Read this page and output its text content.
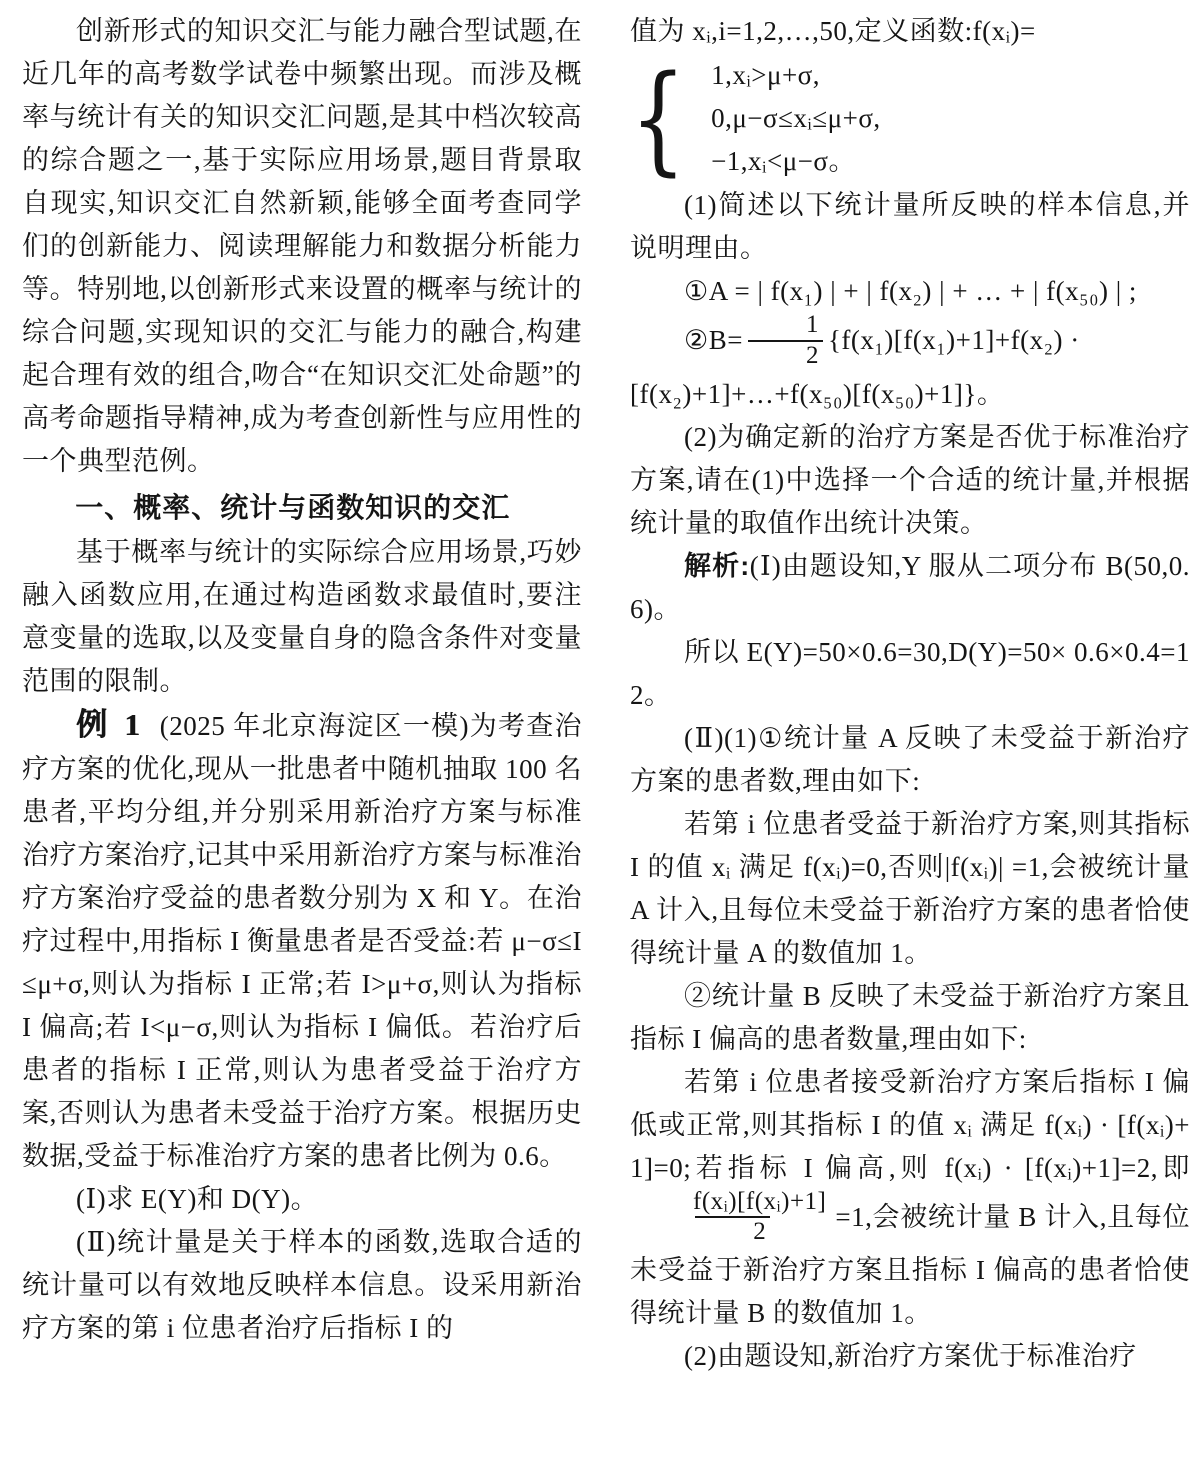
创新形式的知识交汇与能力融合型试题,在近几年的高考数学试卷中频繁出现。而涉及概率与统计有关的知识交汇问题,是其中档次较高的综合题之一,基于实际应用场景,题目背景取自现实,知识交汇自然新颖,能够全面考查同学们的创新能力、阅读理解能力和数据分析能力等。特别地,以创新形式来设置的概率与统计的综合问题,实现知识的交汇与能力的融合,构建起合理有效的组合,吻合“在知识交汇处命题”的高考命题指导精神,成为考查创新性与应用性的一个典型范例。

一、概率、统计与函数知识的交汇

基于概率与统计的实际综合应用场景,巧妙融入函数应用,在通过构造函数求最值时,要注意变量的选取,以及变量自身的隐含条件对变量范围的限制。

例 1 (2025 年北京海淀区一模)为考查治疗方案的优化,现从一批患者中随机抽取 100 名患者,平均分组,并分别采用新治疗方案与标准治疗方案治疗,记其中采用新治疗方案与标准治疗方案治疗受益的患者数分别为 X 和 Y。在治疗过程中,用指标 I 衡量患者是否受益:若 μ−σ≤I≤μ+σ,则认为指标 I 正常;若 I>μ+σ,则认为指标 I 偏高;若 I<μ−σ,则认为指标 I 偏低。若治疗后患者的指标 I 正常,则认为患者受益于治疗方案,否则认为患者未受益于治疗方案。根据历史数据,受益于标准治疗方案的患者比例为 0.6。

(Ⅰ)求 E(Y)和 D(Y)。

(Ⅱ)统计量是关于样本的函数,选取合适的统计量可以有效地反映样本信息。设采用新治疗方案的第 i 位患者治疗后指标 I 的

值为 xᵢ,i=1,2,…,50,定义函数:f(xᵢ)=

{ 1,xᵢ>μ+σ,
0,μ−σ≤xᵢ≤μ+σ,
−1,xᵢ<μ−σ。

(1)简述以下统计量所反映的样本信息,并说明理由。

①A = | f(x₁) | + | f(x₂) | + … + | f(x₅₀) | ;

②B= $\frac{1}{2} \{f(x_1)[f(x_1)+1]+f(x_2)$ ·
[f(x₂)+1]+…+f(x₅₀)[f(x₅₀)+1]}。

(2)为确定新的治疗方案是否优于标准治疗方案,请在(1)中选择一个合适的统计量,并根据统计量的取值作出统计决策。

解析:(Ⅰ)由题设知,Y 服从二项分布 B(50,0.6)。

所以 E(Y)=50×0.6=30,D(Y)=50× 0.6×0.4=12。

(Ⅱ)(1)①统计量 A 反映了未受益于新治疗方案的患者数,理由如下:

若第 i 位患者受益于新治疗方案,则其指标 I 的值 xᵢ 满足 f(xᵢ)=0,否则|f(xᵢ)| =1,会被统计量 A 计入,且每位未受益于新治疗方案的患者恰使得统计量 A 的数值加 1。

②统计量 B 反映了未受益于新治疗方案且指标 I 偏高的患者数量,理由如下:

若第 i 位患者接受新治疗方案后指标 I 偏低或正常,则其指标 I 的值 xᵢ 满足 f(xᵢ) · [f(xᵢ)+1]=0;若指标 I 偏高,则 f(xᵢ) · [f(xᵢ)+1]=2,即
$\frac{\text{f(xᵢ)[f(xᵢ)+1]}}{2} =1$,会被统计量 B 计入,且每位未受益于新治疗方案且指标 I 偏高的患者恰使得统计量 B 的数值加 1。

(2)由题设知,新治疗方案优于标准治疗
